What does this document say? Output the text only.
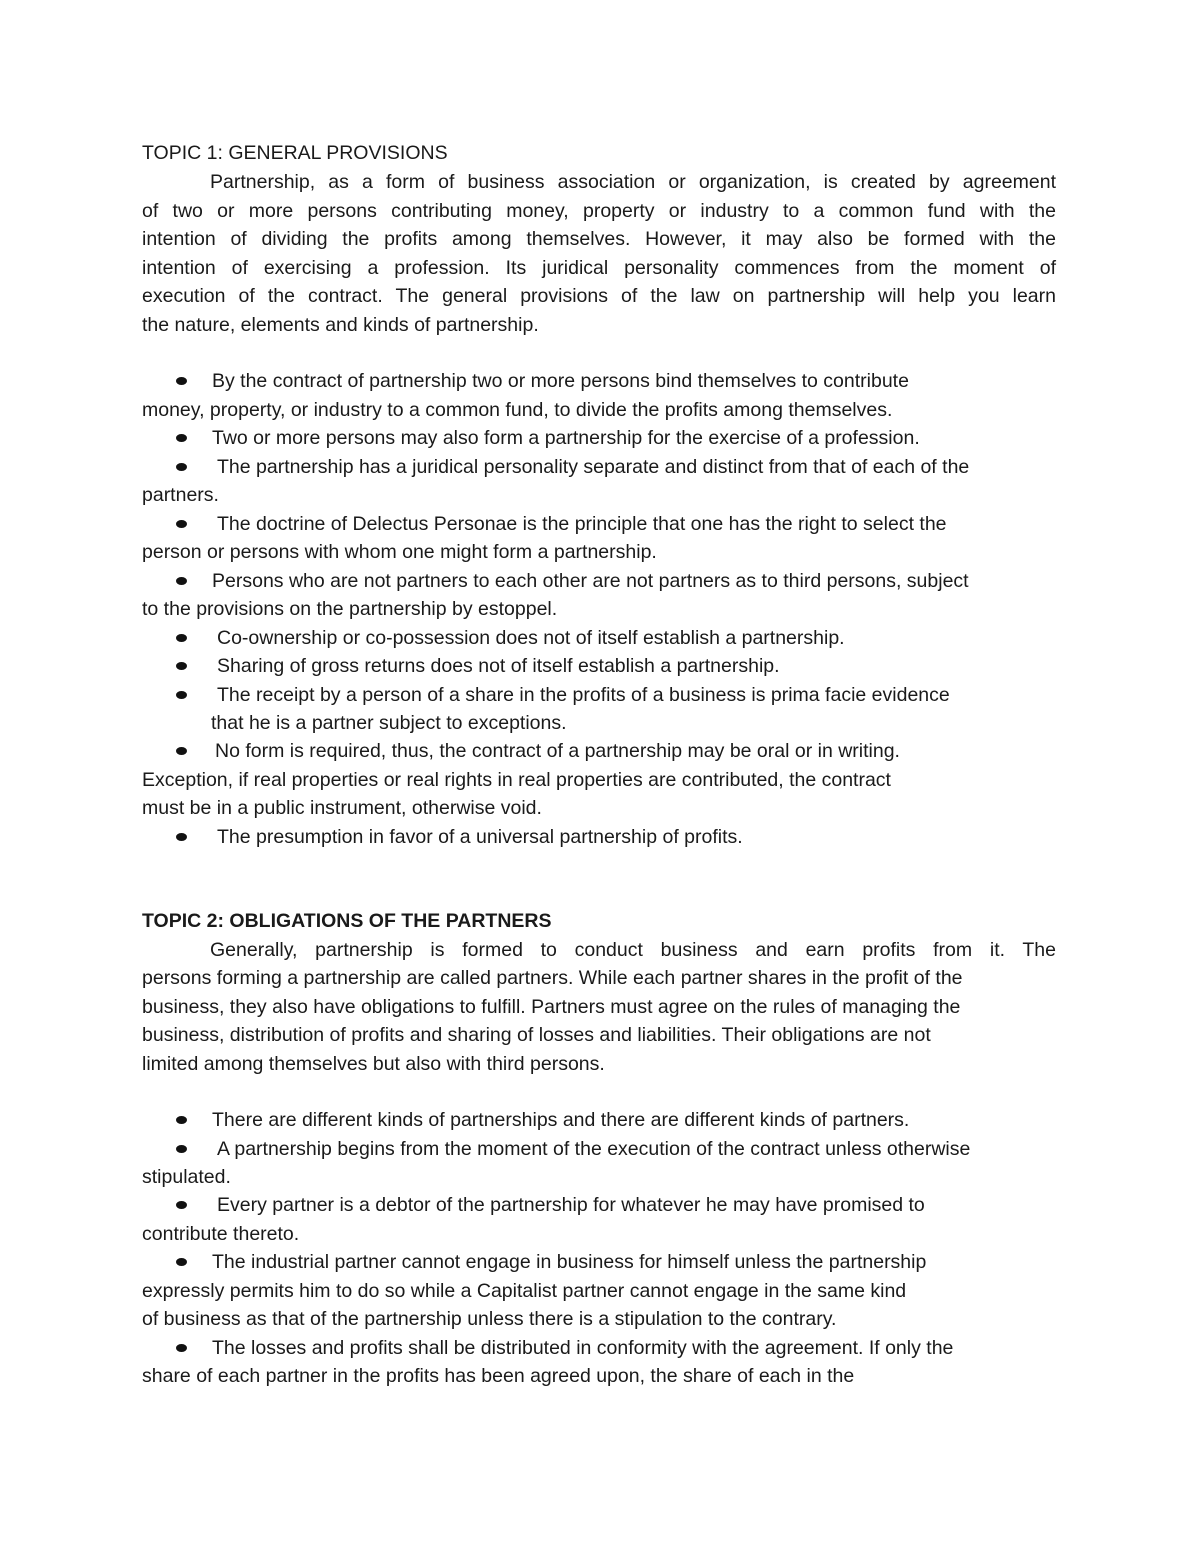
TOPIC 1: GENERAL PROVISIONS

Partnership, as a form of business association or organization, is created by agreement

of two or more persons contributing money, property or industry to a common fund with the

intention of dividing the profits among themselves. However, it may also be formed with the

intention of exercising a profession. Its juridical personality commences from the moment of

execution of the contract. The general provisions of the law on partnership will help you learn

the nature, elements and kinds of partnership.

By the contract of partnership two or more persons bind themselves to contribute

money, property, or industry to a common fund, to divide the profits among themselves.

Two or more persons may also form a partnership for the exercise of a profession.

The partnership has a juridical personality separate and distinct from that of each of the

partners.

The doctrine of Delectus Personae is the principle that one has the right to select the

person or persons with whom one might form a partnership.

Persons who are not partners to each other are not partners as to third persons, subject

to the provisions on the partnership by estoppel.

Co-ownership or co-possession does not of itself establish a partnership.

Sharing of gross returns does not of itself establish a partnership.

The receipt by a person of a share in the profits of a business is prima facie evidence

that he is a partner subject to exceptions.

No form is required, thus, the contract of a partnership may be oral or in writing.

Exception, if real properties or real rights in real properties are contributed, the contract

must be in a public instrument, otherwise void.

The presumption in favor of a universal partnership of profits.

TOPIC 2: OBLIGATIONS OF THE PARTNERS

Generally, partnership is formed to conduct business and earn profits from it. The

persons forming a partnership are called partners. While each partner shares in the profit of the

business, they also have obligations to fulfill. Partners must agree on the rules of managing the

business, distribution of profits and sharing of losses and liabilities. Their obligations are not

limited among themselves but also with third persons.

There are different kinds of partnerships and there are different kinds of partners.

A partnership begins from the moment of the execution of the contract unless otherwise

stipulated.

Every partner is a debtor of the partnership for whatever he may have promised to

contribute thereto.

The industrial partner cannot engage in business for himself unless the partnership

expressly permits him to do so while a Capitalist partner cannot engage in the same kind

of business as that of the partnership unless there is a stipulation to the contrary.

The losses and profits shall be distributed in conformity with the agreement. If only the

share of each partner in the profits has been agreed upon, the share of each in the
